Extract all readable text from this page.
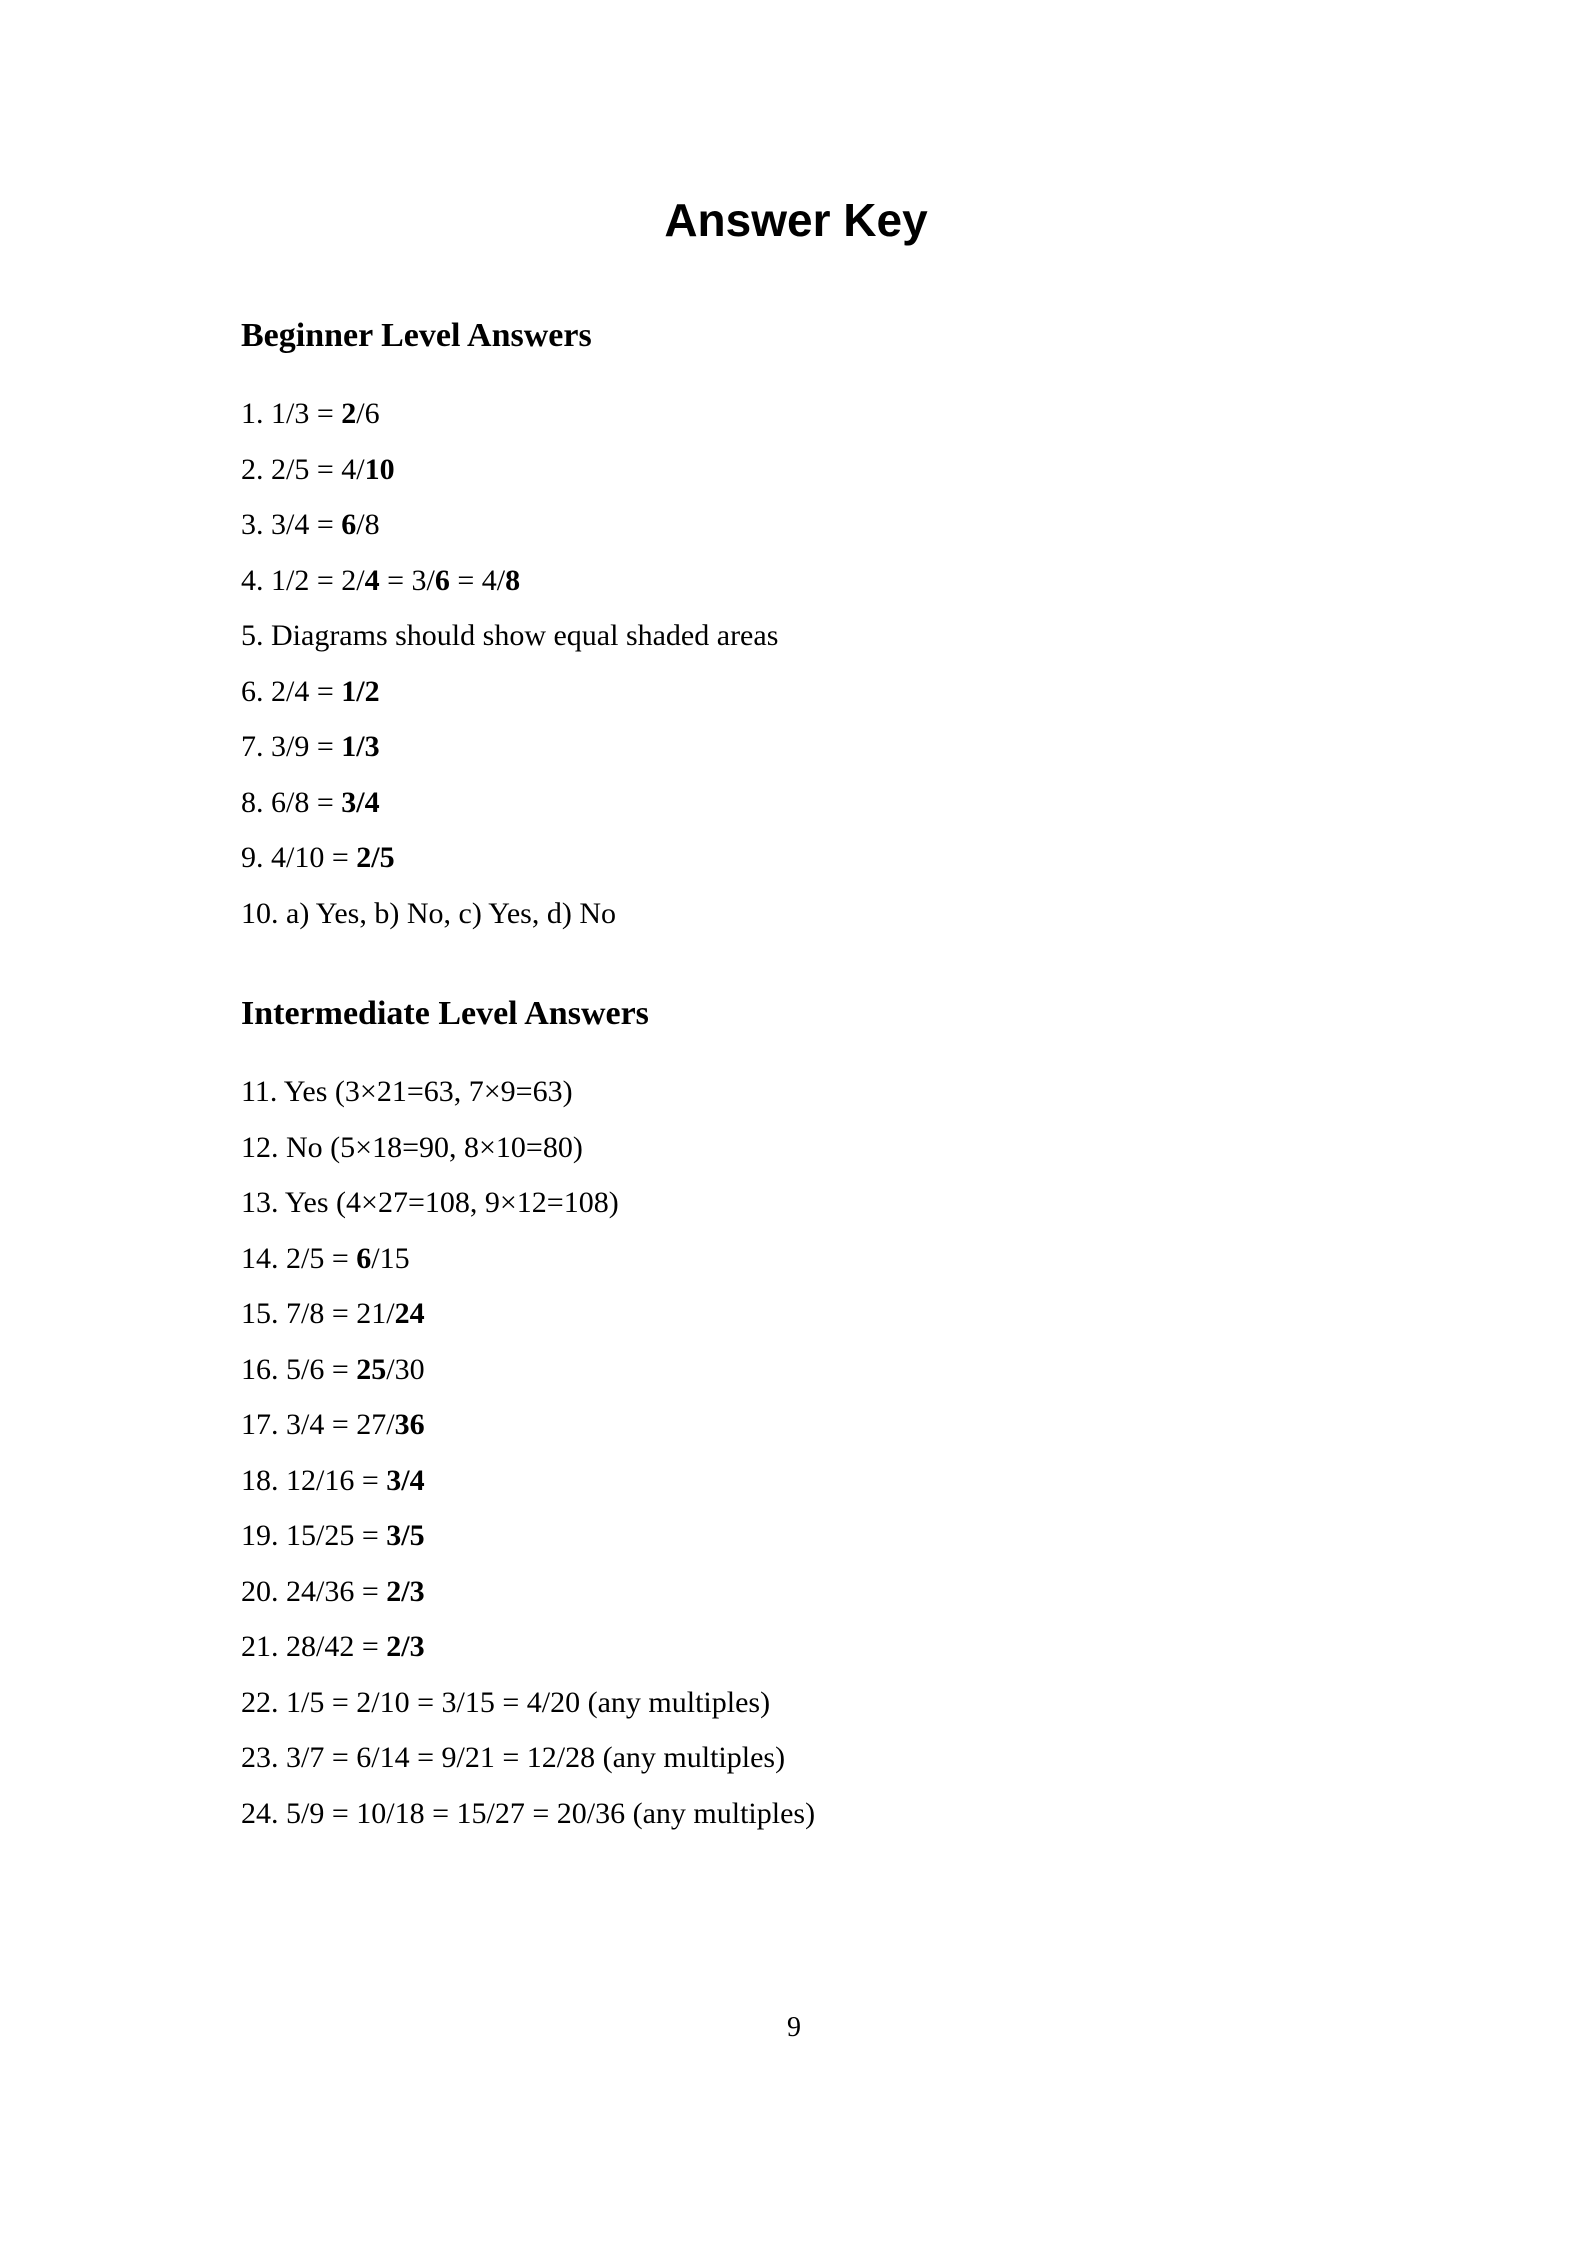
Answer Key
Beginner Level Answers
1. 1/3 = 2/6
2. 2/5 = 4/10
3. 3/4 = 6/8
4. 1/2 = 2/4 = 3/6 = 4/8
5. Diagrams should show equal shaded areas
6. 2/4 = 1/2
7. 3/9 = 1/3
8. 6/8 = 3/4
9. 4/10 = 2/5
10. a) Yes, b) No, c) Yes, d) No
Intermediate Level Answers
11. Yes (3×21=63, 7×9=63)
12. No (5×18=90, 8×10=80)
13. Yes (4×27=108, 9×12=108)
14. 2/5 = 6/15
15. 7/8 = 21/24
16. 5/6 = 25/30
17. 3/4 = 27/36
18. 12/16 = 3/4
19. 15/25 = 3/5
20. 24/36 = 2/3
21. 28/42 = 2/3
22. 1/5 = 2/10 = 3/15 = 4/20 (any multiples)
23. 3/7 = 6/14 = 9/21 = 12/28 (any multiples)
24. 5/9 = 10/18 = 15/27 = 20/36 (any multiples)
9
